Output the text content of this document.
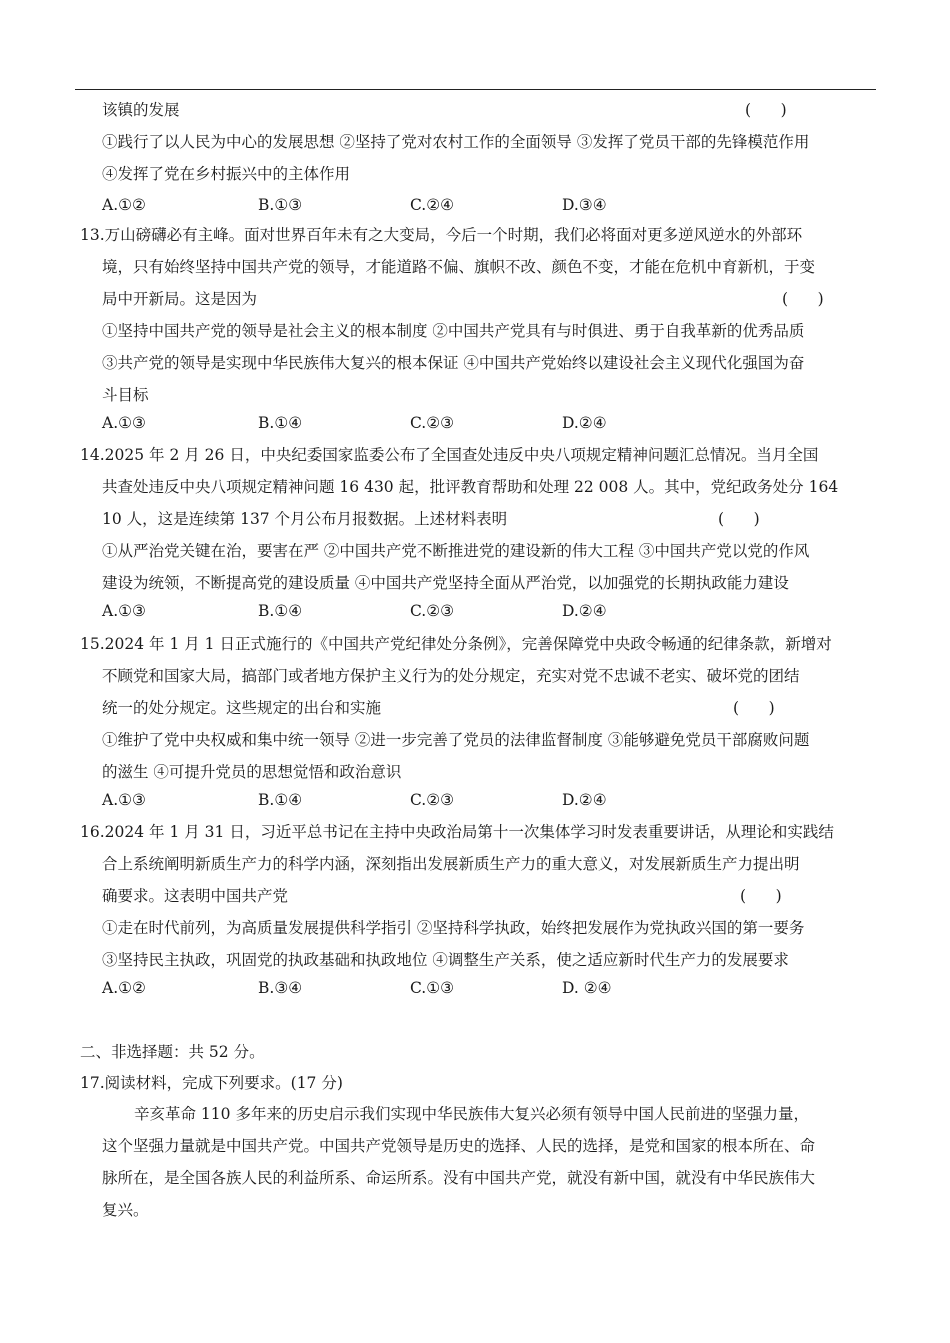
该镇的发展	(      )
①践行了以人民为中心的发展思想 ②坚持了党对农村工作的全面领导 ③发挥了党员干部的先锋模范作用
④发挥了党在乡村振兴中的主体作用
A.①②	B.①③	C.②④	D.③④
13.万山磅礴必有主峰。面对世界百年未有之大变局，今后一个时期，我们必将面对更多逆风逆水的外部环
境，只有始终坚持中国共产党的领导，才能道路不偏、旗帜不改、颜色不变，才能在危机中育新机，于变
局中开新局。这是因为	(      )
①坚持中国共产党的领导是社会主义的根本制度 ②中国共产党具有与时俱进、勇于自我革新的优秀品质
③共产党的领导是实现中华民族伟大复兴的根本保证 ④中国共产党始终以建设社会主义现代化强国为奋
斗目标
A.①③	B.①④	C.②③	D.②④
14.2025 年 2 月 26 日，中央纪委国家监委公布了全国查处违反中央八项规定精神问题汇总情况。当月全国
共查处违反中央八项规定精神问题 16 430 起，批评教育帮助和处理 22 008 人。其中，党纪政务处分 164
10 人，这是连续第 137 个月公布月报数据。上述材料表明	(      )
①从严治党关键在治，要害在严 ②中国共产党不断推进党的建设新的伟大工程 ③中国共产党以党的作风
建设为统领，不断提高党的建设质量 ④中国共产党坚持全面从严治党，以加强党的长期执政能力建设
A.①③	B.①④	C.②③	D.②④
15.2024 年 1 月 1 日正式施行的《中国共产党纪律处分条例》，完善保障党中央政令畅通的纪律条款，新增对
不顾党和国家大局，搞部门或者地方保护主义行为的处分规定，充实对党不忠诚不老实、破坏党的团结
统一的处分规定。这些规定的出台和实施	(      )
①维护了党中央权威和集中统一领导 ②进一步完善了党员的法律监督制度 ③能够避免党员干部腐败问题
的滋生 ④可提升党员的思想觉悟和政治意识
A.①③	B.①④	C.②③	D.②④
16.2024 年 1 月 31 日，习近平总书记在主持中央政治局第十一次集体学习时发表重要讲话，从理论和实践结
合上系统阐明新质生产力的科学内涵，深刻指出发展新质生产力的重大意义，对发展新质生产力提出明
确要求。这表明中国共产党	(      )
①走在时代前列，为高质量发展提供科学指引 ②坚持科学执政，始终把发展作为党执政兴国的第一要务
③坚持民主执政，巩固党的执政基础和执政地位 ④调整生产关系，使之适应新时代生产力的发展要求
A.①②	B.③④	C.①③	D. ②④
二、非选择题：共 52 分。
17.阅读材料，完成下列要求。(17 分)
辛亥革命 110 多年来的历史启示我们实现中华民族伟大复兴必须有领导中国人民前进的坚强力量，
这个坚强力量就是中国共产党。中国共产党领导是历史的选择、人民的选择，是党和国家的根本所在、命
脉所在，是全国各族人民的利益所系、命运所系。没有中国共产党，就没有新中国，就没有中华民族伟大
复兴。
